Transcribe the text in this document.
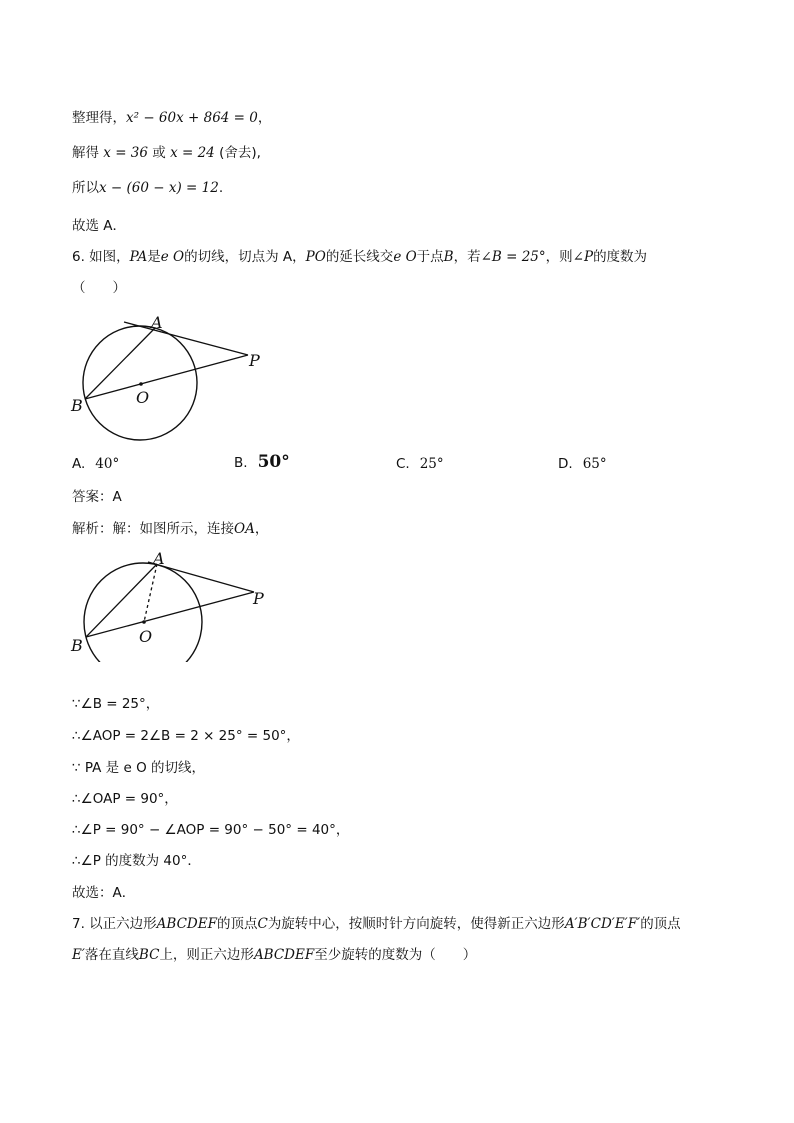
整理得，x² − 60x + 864 = 0，
解得 x = 36 或 x = 24 (舍去),
所以x − (60 − x) = 12.
故选 A．
6. 如图，PA是e O的切线，切点为 A，PO的延长线交e O于点B，若∠B = 25°，则∠P的度数为
（　　）
A
P
B	O
A. 40°	B. 50°	C. 25°	D. 65°
答案：A
解析：解：如图所示，连接OA，
A
P
B	O
∵∠B = 25°，
∴∠AOP = 2∠B = 2 × 25° = 50°，
∵ PA 是 e O 的切线，
∴∠OAP = 90°，
∴∠P = 90° − ∠AOP = 90° − 50° = 40°，
∴∠P 的度数为 40°．
故选：A．
7. 以正六边形ABCDEF的顶点C为旋转中心，按顺时针方向旋转，使得新正六边形A′B′CD′E′F′的顶点
E′落在直线BC上，则正六边形ABCDEF至少旋转的度数为（　　）
